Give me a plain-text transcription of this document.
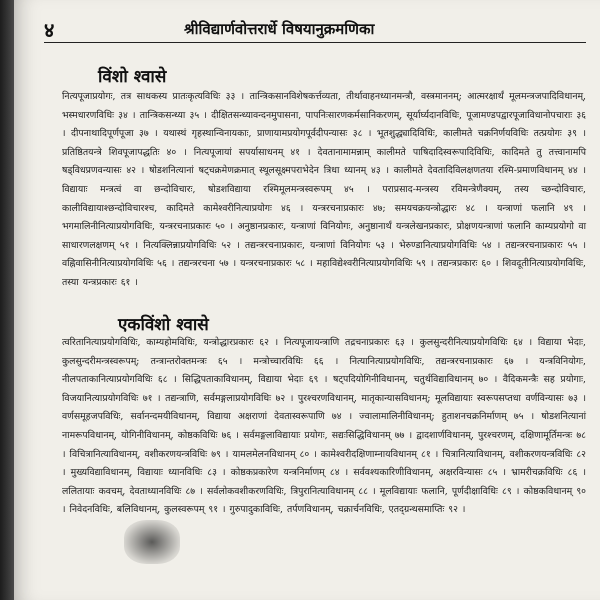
४	श्रीविद्यार्णवोत्तरार्धे विषयानुक्रमणिका
विंशो श्वासे
नित्यपूजाप्रयोगः, तत्र साधकस्य प्रातःकृत्यविधिः ३३ । तान्त्रिकसानविशेषकर्त्तव्यता, तीर्थावाहनध्यानमन्त्रौ, वस्त्रमाननम्; आत्मरक्षार्थं मूलमन्त्रजपादिविधानम्, भस्मधारणविधिः ३४ । तान्त्रिकसन्ध्या ३५ । दीक्षितसन्ध्यावन्दनमुपासना, पापनिःसारणकर्मसानिकरणम्, सूर्यार्घ्यदानविधिः, पूजामण्डपद्वारपूजाविधानोपचाराः ३६ । दीपनाथादिपूर्णपूजा ३७ । यथास्थं गृहस्थान्विनायकाः, प्राणायामप्रयोगपूर्वदीपन्यासः ३८ । भूतशुद्ध्यादिविधिः, कालीमते चक्रनिर्णयविधिः तत्प्रयोगः ३९ । प्रतिष्ठितयन्त्रे शिवपूजापद्धतिः ४० । नित्यपूजायां सपर्यासाधनम् ४१ । देवतानामामन्नाम् कालीमते पाषिदादिस्वरूपादिविधिः, कादिमते तु तत्त्वानामपि षड्विधप्रणवन्यासः ४२ । षोडशनित्यानां षट्चक्रमेणक्रमात् स्थूलसूक्ष्मपराभेदेन त्रिधा ध्यानम् ४३ । कालीमते देवतादिविलक्षणतया रश्मि-प्रमाणविधानम् ४४ । विद्यायाः मन्त्रत्वं वा छन्दोविचारः, षोडशविद्याया रश्मिमूलमन्त्रस्वरूपम् ४५ । पराप्रसाद-मन्त्रस्य रविमन्त्रेणैक्यम्, तस्य च्छन्दोविचारः, कालीविद्यायाश्छन्दोविचारश्च, कादिमते कामेश्वरीनित्याप्रयोगः ४६ । यन्त्ररचनाप्रकारः ४७; समयचक्रयन्त्रोद्धारः ४८ । यन्त्राणां फलानि ४९ । भगमालिनीनित्याप्रयोगविधिः, यन्त्ररचनाप्रकारः ५० । अनुष्ठानप्रकारः, यन्त्राणां विनियोगः, अनुष्ठानार्थं यन्त्रलेखनप्रकारः, प्रोक्षणयन्त्राणां फलानि काम्यप्रयोगो वा साधारणलक्षणम् ५१ । नित्यक्लिन्नाप्रयोगविधिः ५२ । तद्यन्त्ररचनाप्रकारः, यन्त्राणां विनियोगः ५३ । भेरुण्डानित्याप्रयोगविधिः ५४ । तद्यन्त्ररचनाप्रकारः ५५ । वह्निवासिनीनित्याप्रयोगविधिः ५६ । तद्यन्त्ररचना ५७ । यन्त्ररचनाप्रकारः ५८ । महाविद्येश्वरीनित्याप्रयोगविधिः ५९ । तद्यन्त्रप्रकारः ६० । शिवदूतीनित्याप्रयोगविधिः, तस्या यन्त्रप्रकारः ६१ ।
एकविंशो श्वासे
त्वरितानित्याप्रयोगविधिः, काम्यहोमविधिः, यन्त्रोद्धारप्रकारः ६२ । नित्यपूजायन्त्राणि तद्रचनाप्रकारः ६३ । कुलसुन्दरीनित्याप्रयोगविधिः ६४ । विद्याया भेदाः, कुलसुन्दरीमन्त्रस्वरूपम्; तन्त्रान्तरोक्तमन्त्रः ६५ । मन्त्रोच्चारविधिः ६६ । नित्यानित्याप्रयोगविधिः, तद्यन्त्ररचनाप्रकारः ६७ । यन्त्रविनियोगः, नीलपताकानित्याप्रयोगविधिः ६८ । सिद्धिपताकाविधानम्, विद्याया भेदाः ६९ । षट्पदियोगिनीविधानम्, चतुर्थविद्याविधानम् ७० । वैदिकमन्त्रैः सह प्रयोगाः, विजयानित्याप्रयोगविधिः ७१ । तद्यन्त्राणि, सर्वमङ्गलाप्रयोगविधिः ७२ । पुरश्चरणविधानम्, मातृकान्यासविधानम्; मूलविद्यायाः स्वरूपसप्तधा वर्णविन्यासः ७३ । वर्णसमूहजपविधिः, सर्वानन्दमयीविधानम्, विद्याया अक्षराणां देवतास्वरूपाणि ७४ । ज्वालामालिनीविधानम्; हुताशनचक्रनिर्माणम् ७५ । षोडशनित्यानां नामरूपविधानम्, योगिनीविधानम्, कोष्ठकविधिः ७६ । सर्वमङ्गलाविद्यायाः प्रयोगः, सद्यःसिद्धिविधानम् ७७ । द्वादशार्णविधानम्, पुरश्चरणम्, दक्षिणामूर्तिमन्त्रः ७८ । विचित्रानित्याविधानम्, वशीकरणयन्त्रविधिः ७९ । यामलमेलनविधानम् ८० । कामेश्वरीदक्षिणाम्नायविधानम् ८१ । चित्रानित्याविधानम्, वशीकरणयन्त्रविधिः ८२ । मुख्यविद्याविधानम्, विद्यायाः ध्यानविधिः ८३ । कोष्ठकप्रकारेण यन्त्रनिर्माणम् ८४ । सर्ववश्यकारिणीविधानम्, अक्षरविन्यासः ८५ । भ्रामरीचक्रविधिः ८६ । ललितायाः कवचम्, देवताध्यानविधिः ८७ । सर्वलोकवशीकरणविधिः, त्रिपुरानित्याविधानम् ८८ । मूलविद्यायाः फलानि, पूर्णदीक्षाविधिः ८९ । कोष्ठकविधानम् ९० । निवेदनविधिः, बलिविधानम्, कुलस्वरूपम् ९१ । गुरुपादुकाविधिः, तर्पणविधानम्, चक्रार्चनविधिः, एतद्ग्रन्थसमाप्तिः ९२ ।
